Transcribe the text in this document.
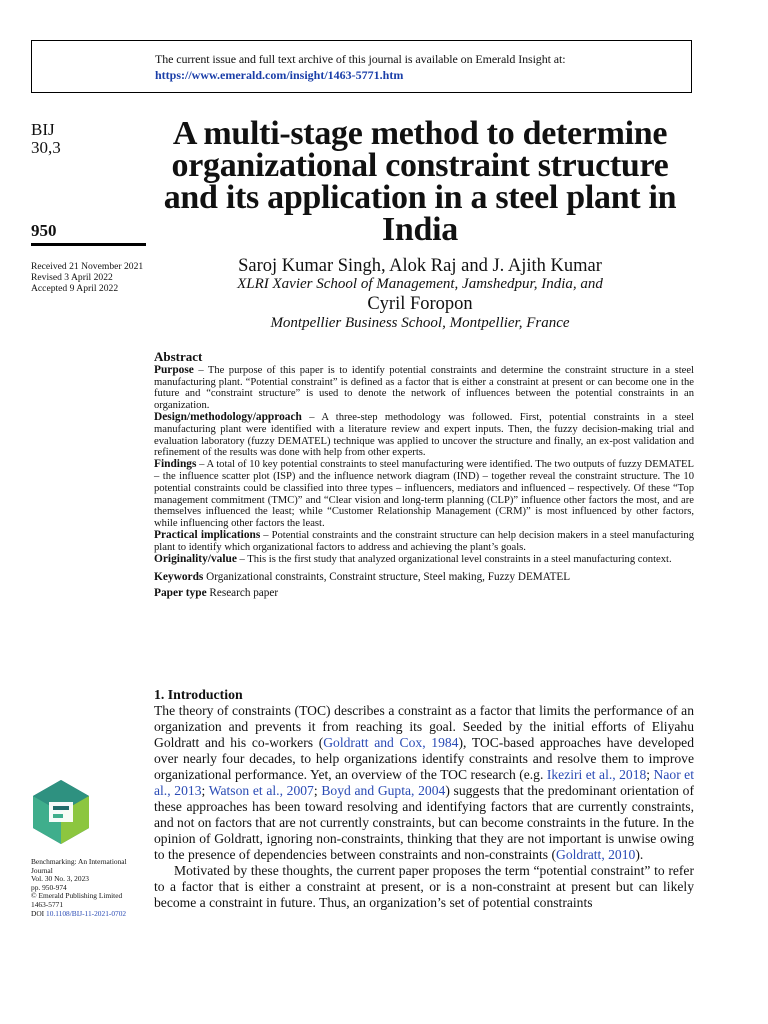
The current issue and full text archive of this journal is available on Emerald Insight at:
https://www.emerald.com/insight/1463-5771.htm
BIJ
30,3
950
Received 21 November 2021
Revised 3 April 2022
Accepted 9 April 2022
A multi-stage method to determine organizational constraint structure and its application in a steel plant in India
Saroj Kumar Singh, Alok Raj and J. Ajith Kumar
XLRI Xavier School of Management, Jamshedpur, India, and
Cyril Foropon
Montpellier Business School, Montpellier, France
Abstract

Purpose – The purpose of this paper is to identify potential constraints and determine the constraint structure in a steel manufacturing plant. “Potential constraint” is defined as a factor that is either a constraint at present or can become one in the future and “constraint structure” is used to denote the network of influences between the potential constraints in an organization.

Design/methodology/approach – A three-step methodology was followed. First, potential constraints in a steel manufacturing plant were identified with a literature review and expert inputs. Then, the fuzzy decision-making trial and evaluation laboratory (fuzzy DEMATEL) technique was applied to uncover the structure and finally, an ex-post validation and refinement of the results was done with help from other experts.

Findings – A total of 10 key potential constraints to steel manufacturing were identified. The two outputs of fuzzy DEMATEL – the influence scatter plot (ISP) and the influence network diagram (IND) – together reveal the constraint structure. The 10 potential constraints could be classified into three types – influencers, mediators and influenced – respectively. Of these “Top management commitment (TMC)” and “Clear vision and long-term planning (CLP)” influence other factors the most, and are themselves influenced the least; while “Customer Relationship Management (CRM)” is most influenced by other factors, while influencing other factors the least.

Practical implications – Potential constraints and the constraint structure can help decision makers in a steel manufacturing plant to identify which organizational factors to address and achieving the plant’s goals.

Originality/value – This is the first study that analyzed organizational level constraints in a steel manufacturing context.

Keywords Organizational constraints, Constraint structure, Steel making, Fuzzy DEMATEL
Paper type Research paper
1. Introduction

The theory of constraints (TOC) describes a constraint as a factor that limits the performance of an organization and prevents it from reaching its goal. Seeded by the initial efforts of Eliyahu Goldratt and his co-workers (Goldratt and Cox, 1984), TOC-based approaches have developed over nearly four decades, to help organizations identify constraints and resolve them to improve organizational performance. Yet, an overview of the TOC research (e.g. Ikeziri et al., 2018; Naor et al., 2013; Watson et al., 2007; Boyd and Gupta, 2004) suggests that the predominant orientation of these approaches has been toward resolving and identifying factors that are currently constraints, and not on factors that are not currently constraints, but can become constraints in the future. In the opinion of Goldratt, ignoring non-constraints, thinking that they are not important is unwise owing to the presence of dependencies between constraints and non-constraints (Goldratt, 2010).

Motivated by these thoughts, the current paper proposes the term “potential constraint” to refer to a factor that is either a constraint at present, or is a non-constraint at present but can likely become a constraint in future. Thus, an organization’s set of potential constraints

Benchmarking: An International Journal
Vol. 30 No. 3, 2023
pp. 950-974
© Emerald Publishing Limited
1463-5771
DOI 10.1108/BIJ-11-2021-0702
